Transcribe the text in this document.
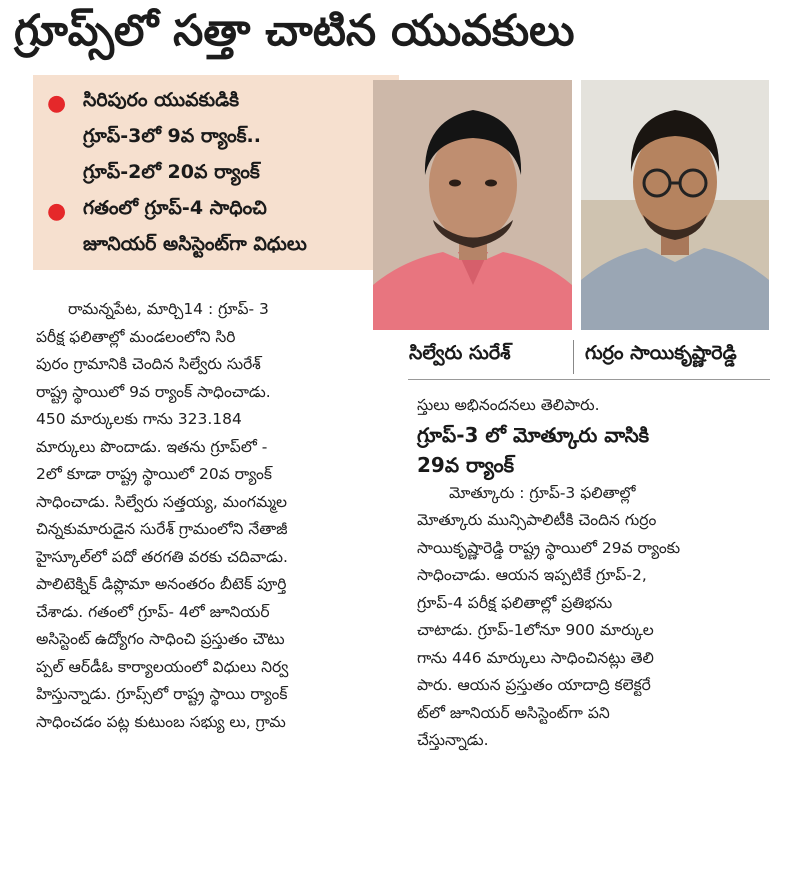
గ్రూప్స్‌లో సత్తా చాటిన యువకులు
● సిరిపురం యువకుడికి
గ్రూప్‌-3లో 9వ ర్యాంక్‌..
గ్రూప్‌-2లో 20వ ర్యాంక్‌
● గతంలో గ్రూప్‌-4 సాధించి
జూనియర్‌ అసిస్టెంట్‌గా విధులు
సిల్వేరు సురేశ్‌	గుర్రం సాయికృష్ణారెడ్డి

రామన్నపేట, మార్చి14 : గ్రూప్‌- 3

పరీక్ష ఫలితాల్లో మండలంలోని సిరి

పురం గ్రామానికి చెందిన సిల్వేరు సురేశ్‌

రాష్ట్ర స్థాయిలో 9వ ర్యాంక్‌ సాధించాడు.

450 మార్కులకు గాను 323.184

మార్కులు పొందాడు. ఇతను గ్రూప్‌లో -

2లో కూడా రాష్ట్ర స్థాయిలో 20వ ర్యాంక్‌

సాధించాడు. సిల్వేరు సత్తయ్య, మంగమ్మల

చిన్నకుమారుడైన సురేశ్‌ గ్రామంలోని నేతాజీ

హైస్కూల్‌లో పదో తరగతి వరకు చదివాడు.

పాలిటెక్నిక్‌ డిప్లొమా అనంతరం బీటెక్‌ పూర్తి

చేశాడు. గతంలో గ్రూప్‌- 4లో జూనియర్‌

అసిస్టెంట్‌ ఉద్యోగం సాధించి ప్రస్తుతం చౌటు

ప్పల్‌ ఆర్‌డీఓ కార్యాలయంలో విధులు నిర్వ

హిస్తున్నాడు. గ్రూప్స్‌లో రాష్ట్ర స్థాయి ర్యాంక్‌

సాధించడం పట్ల కుటుంబ సభ్యు లు, గ్రామ

స్తులు అభినందనలు తెలిపారు.

గ్రూప్‌-3 లో మోత్కూరు వాసికి
29వ ర్యాంక్‌

మోత్కూరు : గ్రూప్‌-3 ఫలితాల్లో

మోత్కూరు మున్సిపాలిటీకి చెందిన గుర్రం

సాయికృష్ణారెడ్డి రాష్ట్ర స్థాయిలో 29వ ర్యాంకు

సాధించాడు. ఆయన ఇప్పటికే గ్రూప్‌-2,

గ్రూప్‌-4 పరీక్ష ఫలితాల్లో ప్రతిభను

చాటాడు. గ్రూప్‌-1లోనూ 900 మార్కుల

గాను 446 మార్కులు సాధించినట్లు తెలి

పారు. ఆయన ప్రస్తుతం యాదాద్రి కలెక్టరే

ట్‌లో జూనియర్‌ అసిస్టెంట్‌గా పని

చేస్తున్నాడు.
